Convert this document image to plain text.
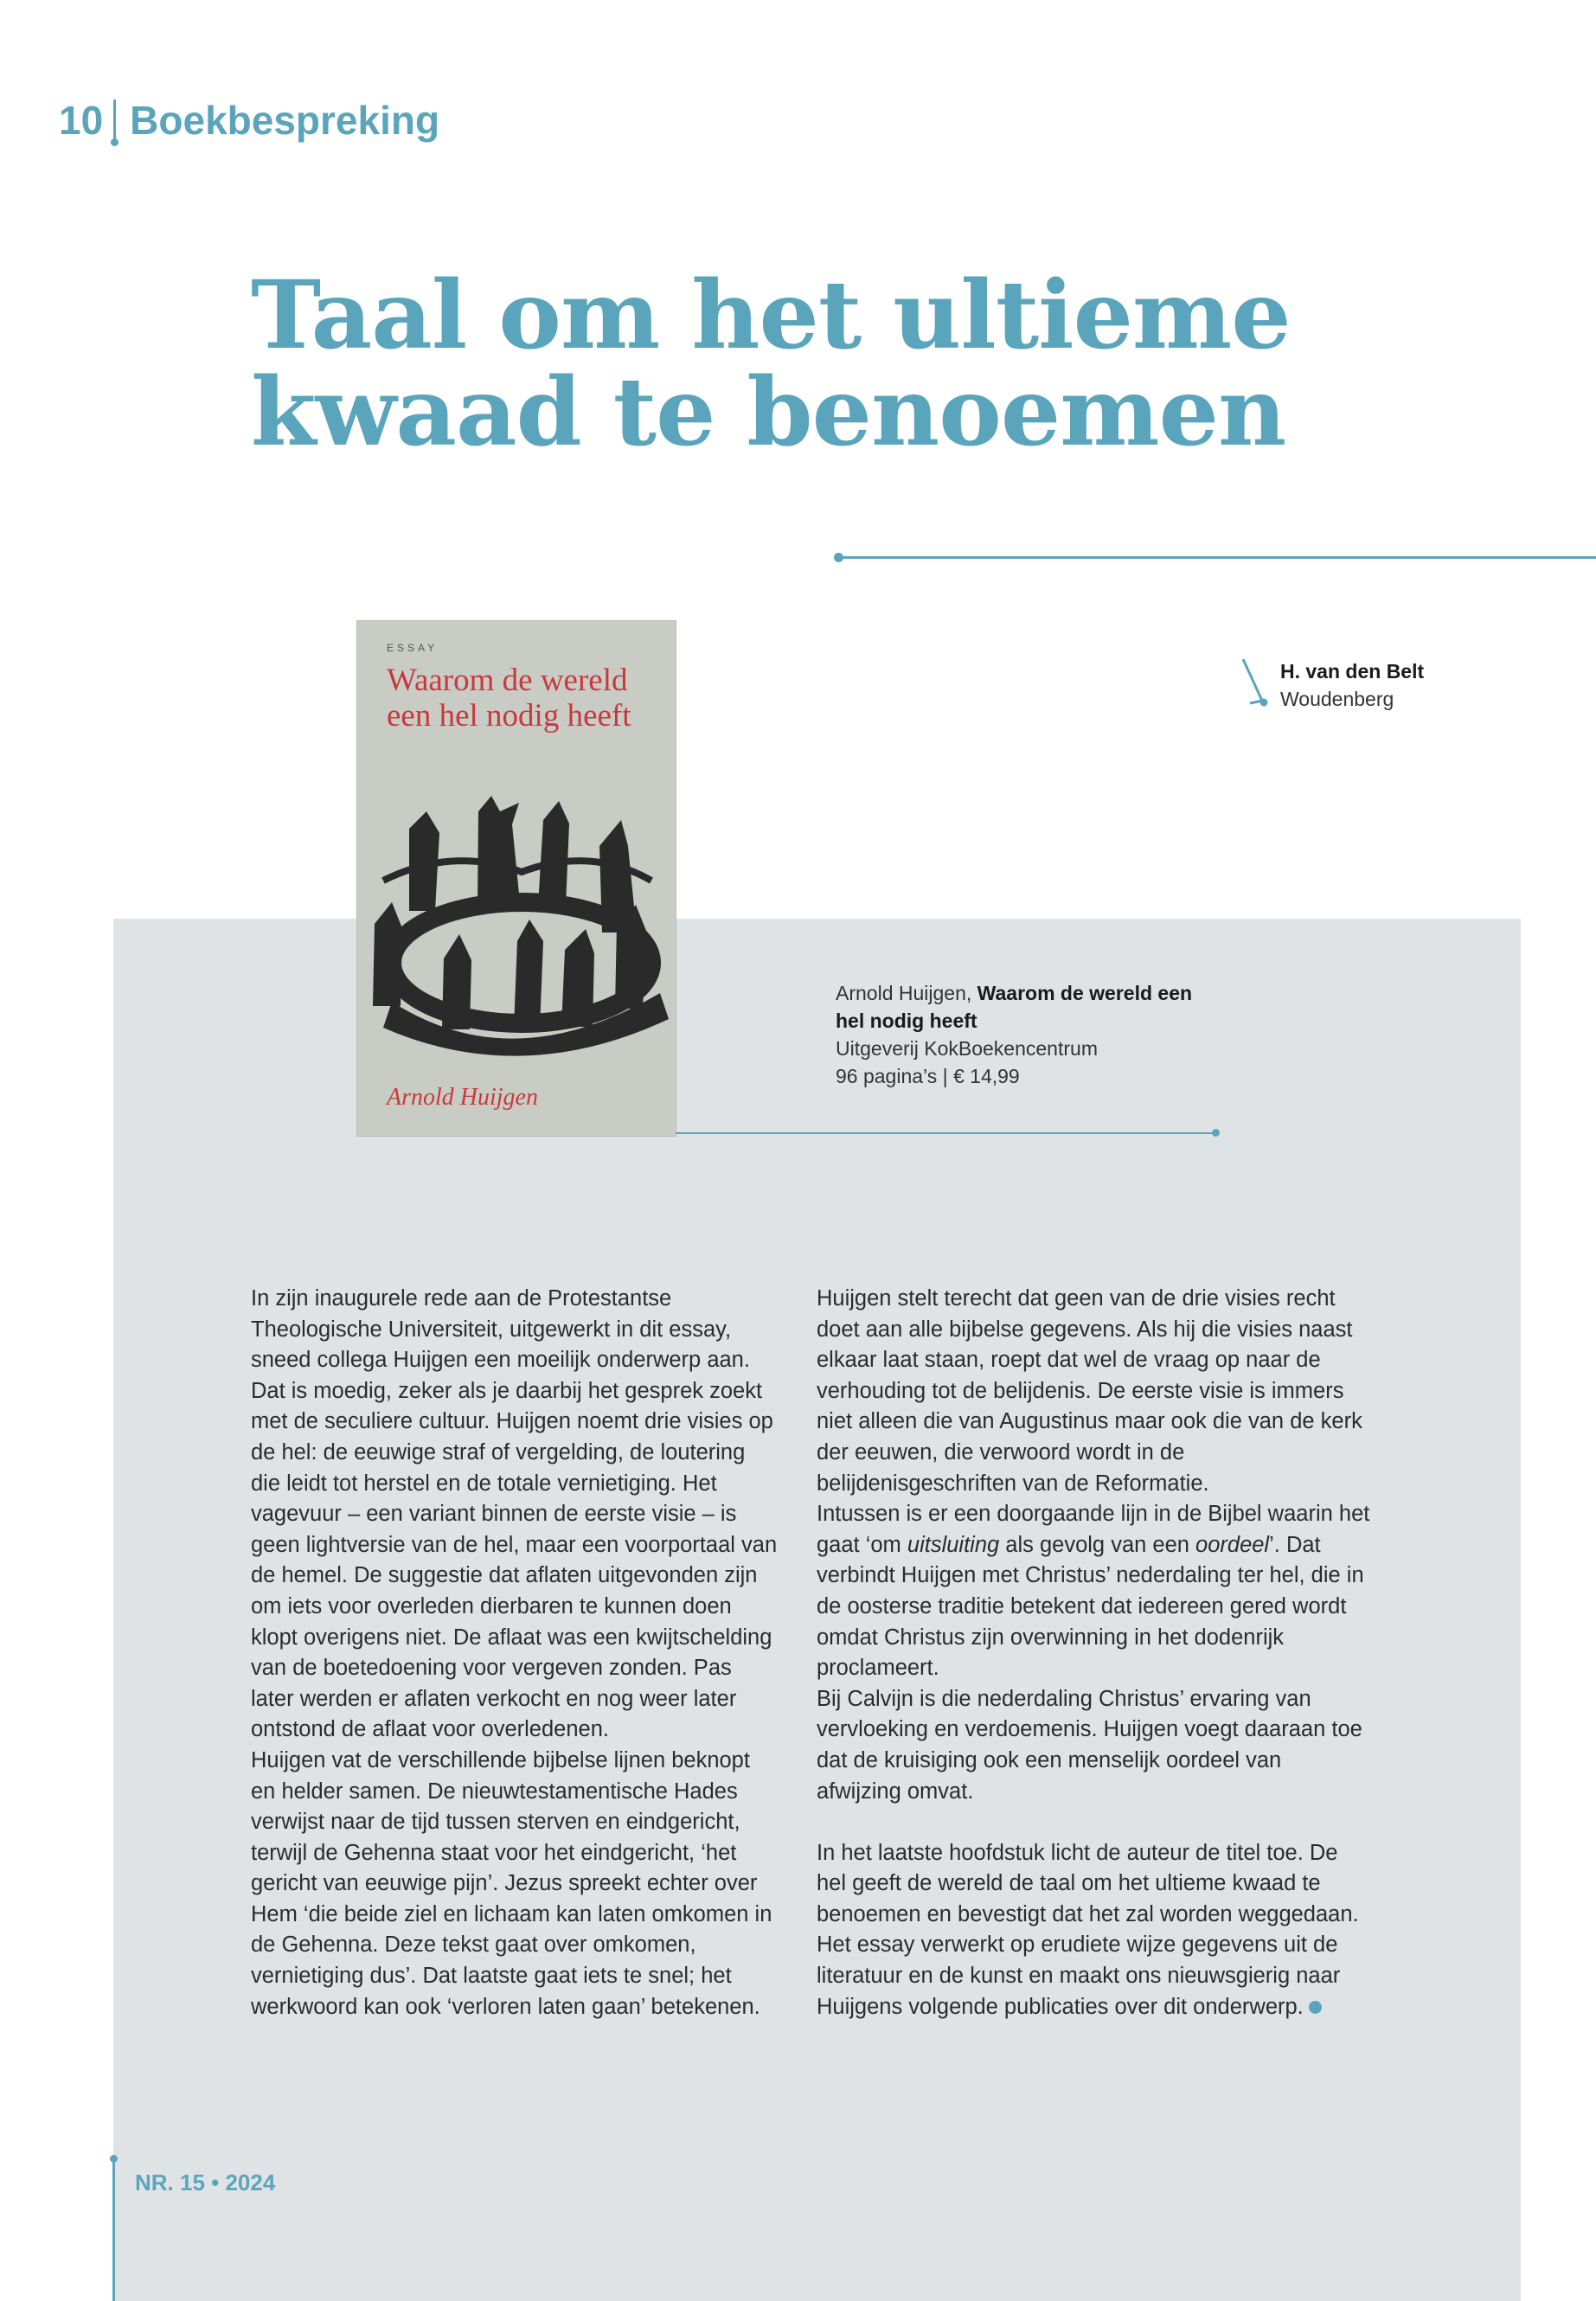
10 Boekbespreking
Taal om het ultieme
kwaad te benoemen
ESSAY
Waarom de wereld een hel nodig heeft
Arnold Huijgen
H. van den Belt
Woudenberg
Arnold Huijgen, Waarom de wereld een hel nodig heeft
Uitgeverij KokBoekencentrum
96 pagina’s | € 14,99

In zijn inaugurele rede aan de Protestantse Theologische Universiteit, uitgewerkt in dit essay, sneed collega Huijgen een moeilijk onderwerp aan. Dat is moedig, zeker als je daarbij het gesprek zoekt met de seculiere cultuur. Huijgen noemt drie visies op de hel: de eeuwige straf of vergelding, de loutering die leidt tot herstel en de totale vernietiging. Het vagevuur – een variant binnen de eerste visie – is geen lightversie van de hel, maar een voorportaal van de hemel. De suggestie dat aflaten uitgevonden zijn om iets voor overleden dierbaren te kunnen doen klopt overigens niet. De aflaat was een kwijtschelding van de boetedoening voor vergeven zonden. Pas later werden er aflaten verkocht en nog weer later ontstond de aflaat voor overledenen.

Huijgen vat de verschillende bijbelse lijnen beknopt en helder samen. De nieuwtestamentische Hades verwijst naar de tijd tussen sterven en eindgericht, terwijl de Gehenna staat voor het eindgericht, ‘het gericht van eeuwige pijn’. Jezus spreekt echter over Hem ‘die beide ziel en lichaam kan laten omkomen in de Gehenna. Deze tekst gaat over omkomen, vernietiging dus’. Dat laatste gaat iets te snel; het werkwoord kan ook ‘verloren laten gaan’ betekenen.

Huijgen stelt terecht dat geen van de drie visies recht doet aan alle bijbelse gegevens. Als hij die visies naast elkaar laat staan, roept dat wel de vraag op naar de verhouding tot de belijdenis. De eerste visie is immers niet alleen die van Augustinus maar ook die van de kerk der eeuwen, die verwoord wordt in de belijdenisgeschriften van de Reformatie.

Intussen is er een doorgaande lijn in de Bijbel waarin het gaat ‘om uitsluiting als gevolg van een oordeel’. Dat verbindt Huijgen met Christus’ nederdaling ter hel, die in de oosterse traditie betekent dat iedereen gered wordt omdat Christus zijn overwinning in het dodenrijk proclameert.

Bij Calvijn is die nederdaling Christus’ ervaring van vervloeking en verdoemenis. Huijgen voegt daaraan toe dat de kruisiging ook een menselijk oordeel van afwijzing omvat.

In het laatste hoofdstuk licht de auteur de titel toe. De hel geeft de wereld de taal om het ultieme kwaad te benoemen en bevestigt dat het zal worden weggedaan. Het essay verwerkt op erudiete wijze gegevens uit de literatuur en de kunst en maakt ons nieuwsgierig naar Huijgens volgende publicaties over dit onderwerp.

NR. 15 • 2024
